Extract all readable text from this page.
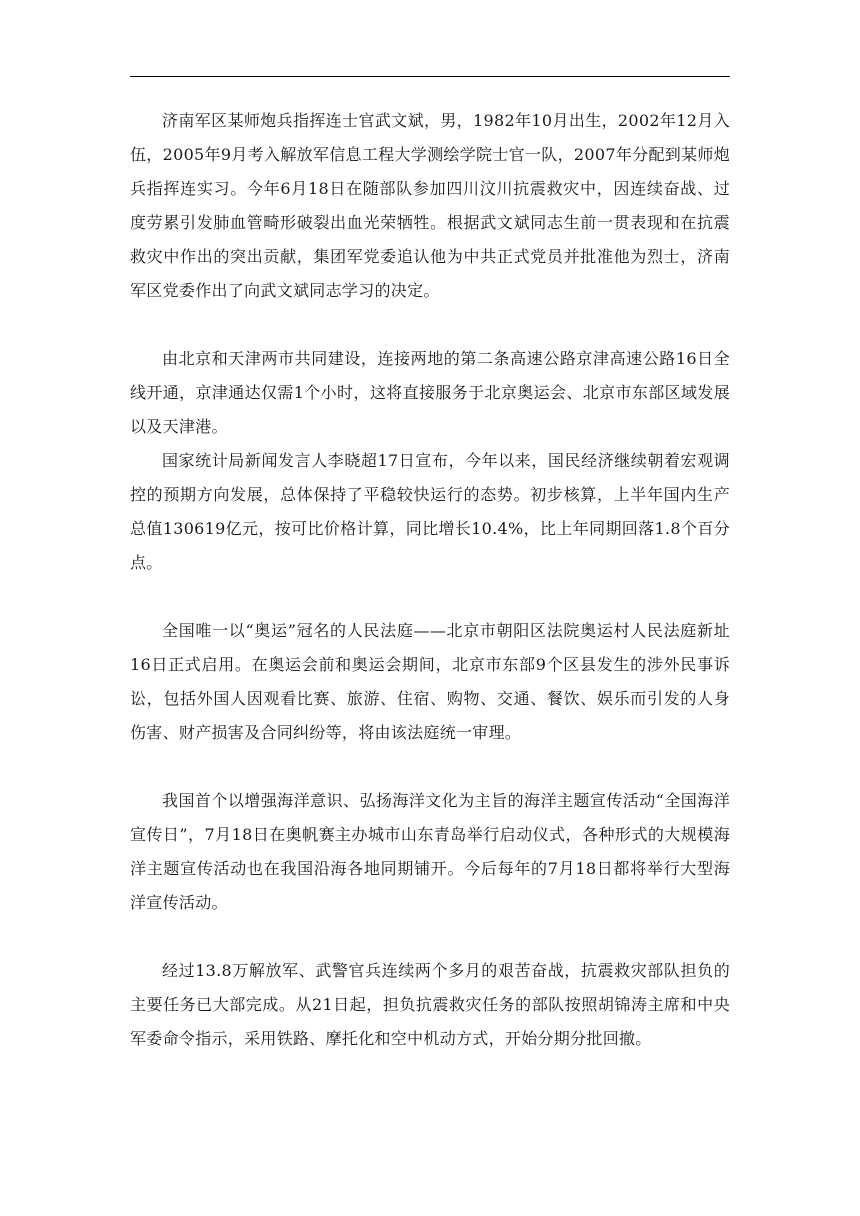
济南军区某师炮兵指挥连士官武文斌，男，1982年10月出生，2002年12月入伍，2005年9月考入解放军信息工程大学测绘学院士官一队，2007年分配到某师炮兵指挥连实习。今年6月18日在随部队参加四川汶川抗震救灾中，因连续奋战、过度劳累引发肺血管畸形破裂出血光荣牺牲。根据武文斌同志生前一贯表现和在抗震救灾中作出的突出贡献，集团军党委追认他为中共正式党员并批准他为烈士，济南军区党委作出了向武文斌同志学习的决定。

由北京和天津两市共同建设，连接两地的第二条高速公路京津高速公路16日全线开通，京津通达仅需1个小时，这将直接服务于北京奥运会、北京市东部区域发展以及天津港。

国家统计局新闻发言人李晓超17日宣布，今年以来，国民经济继续朝着宏观调控的预期方向发展，总体保持了平稳较快运行的态势。初步核算，上半年国内生产总值130619亿元，按可比价格计算，同比增长10.4%，比上年同期回落1.8个百分点。

全国唯一以“奥运”冠名的人民法庭——北京市朝阳区法院奥运村人民法庭新址16日正式启用。在奥运会前和奥运会期间，北京市东部9个区县发生的涉外民事诉讼，包括外国人因观看比赛、旅游、住宿、购物、交通、餐饮、娱乐而引发的人身伤害、财产损害及合同纠纷等，将由该法庭统一审理。

我国首个以增强海洋意识、弘扬海洋文化为主旨的海洋主题宣传活动“全国海洋宣传日”，7月18日在奥帆赛主办城市山东青岛举行启动仪式，各种形式的大规模海洋主题宣传活动也在我国沿海各地同期铺开。今后每年的7月18日都将举行大型海洋宣传活动。

经过13.8万解放军、武警官兵连续两个多月的艰苦奋战，抗震救灾部队担负的主要任务已大部完成。从21日起，担负抗震救灾任务的部队按照胡锦涛主席和中央军委命令指示，采用铁路、摩托化和空中机动方式，开始分期分批回撤。
